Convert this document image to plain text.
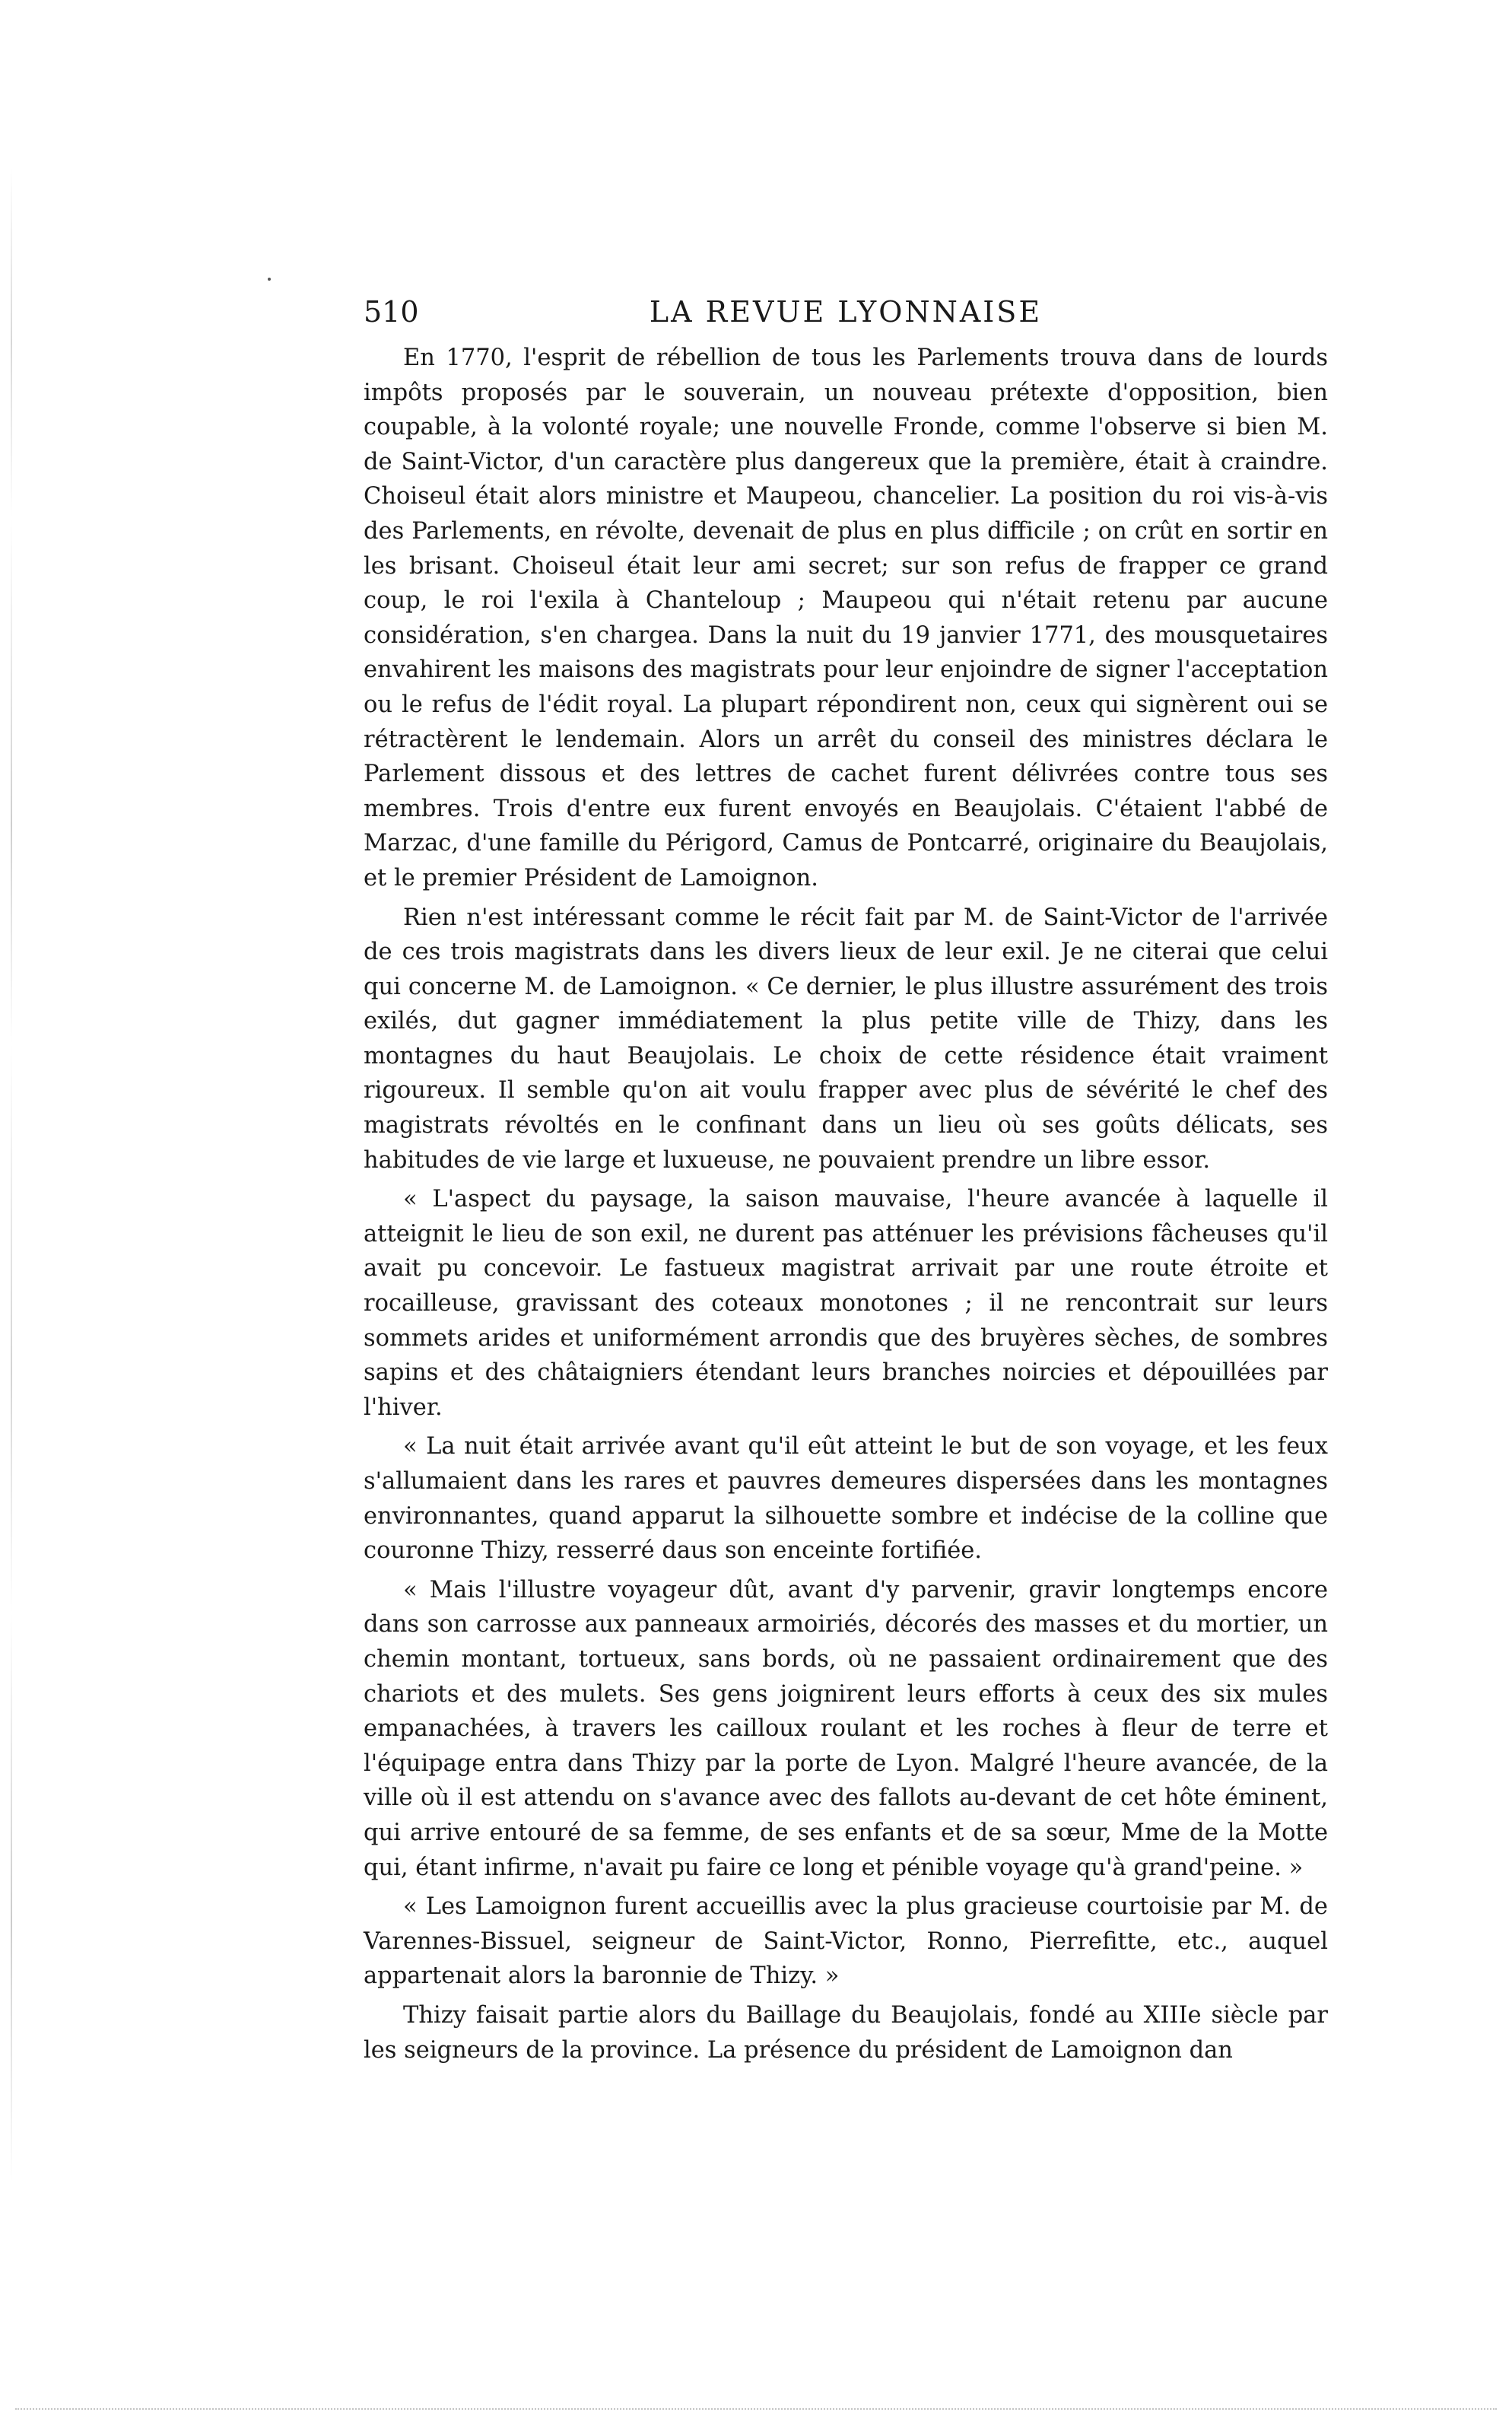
510	LA REVUE LYONNAISE

En 1770, l'esprit de rébellion de tous les Parlements trouva dans de lourds impôts proposés par le souverain, un nouveau prétexte d'opposition, bien coupable, à la volonté royale; une nouvelle Fronde, comme l'observe si bien M. de Saint-Victor, d'un caractère plus dangereux que la première, était à craindre. Choiseul était alors ministre et Maupeou, chancelier. La position du roi vis-à-vis des Parlements, en révolte, devenait de plus en plus difficile ; on crût en sortir en les brisant. Choiseul était leur ami secret; sur son refus de frapper ce grand coup, le roi l'exila à Chanteloup ; Maupeou qui n'était retenu par aucune considération, s'en chargea. Dans la nuit du 19 janvier 1771, des mousquetaires envahirent les maisons des magistrats pour leur enjoindre de signer l'acceptation ou le refus de l'édit royal. La plupart répondirent non, ceux qui signèrent oui se rétractèrent le lendemain. Alors un arrêt du conseil des ministres déclara le Parlement dissous et des lettres de cachet furent délivrées contre tous ses membres. Trois d'entre eux furent envoyés en Beaujolais. C'étaient l'abbé de Marzac, d'une famille du Périgord, Camus de Pontcarré, originaire du Beaujolais, et le premier Président de Lamoignon.

Rien n'est intéressant comme le récit fait par M. de Saint-Victor de l'arrivée de ces trois magistrats dans les divers lieux de leur exil. Je ne citerai que celui qui concerne M. de Lamoignon. « Ce dernier, le plus illustre assurément des trois exilés, dut gagner immédiatement la plus petite ville de Thizy, dans les montagnes du haut Beaujolais. Le choix de cette résidence était vraiment rigoureux. Il semble qu'on ait voulu frapper avec plus de sévérité le chef des magistrats révoltés en le confinant dans un lieu où ses goûts délicats, ses habitudes de vie large et luxueuse, ne pouvaient prendre un libre essor.

« L'aspect du paysage, la saison mauvaise, l'heure avancée à laquelle il atteignit le lieu de son exil, ne durent pas atténuer les prévisions fâcheuses qu'il avait pu concevoir. Le fastueux magistrat arrivait par une route étroite et rocailleuse, gravissant des coteaux monotones ; il ne rencontrait sur leurs sommets arides et uniformément arrondis que des bruyères sèches, de sombres sapins et des châtaigniers étendant leurs branches noircies et dépouillées par l'hiver.

« La nuit était arrivée avant qu'il eût atteint le but de son voyage, et les feux s'allumaient dans les rares et pauvres demeures dispersées dans les montagnes environnantes, quand apparut la silhouette sombre et indécise de la colline que couronne Thizy, resserré daus son enceinte fortifiée.

« Mais l'illustre voyageur dût, avant d'y parvenir, gravir longtemps encore dans son carrosse aux panneaux armoiriés, décorés des masses et du mortier, un chemin montant, tortueux, sans bords, où ne passaient ordinairement que des chariots et des mulets. Ses gens joignirent leurs efforts à ceux des six mules empanachées, à travers les cailloux roulant et les roches à fleur de terre et l'équipage entra dans Thizy par la porte de Lyon. Malgré l'heure avancée, de la ville où il est attendu on s'avance avec des fallots au-devant de cet hôte éminent, qui arrive entouré de sa femme, de ses enfants et de sa sœur, Mme de la Motte qui, étant infirme, n'avait pu faire ce long et pénible voyage qu'à grand'peine. »

« Les Lamoignon furent accueillis avec la plus gracieuse courtoisie par M. de Varennes-Bissuel, seigneur de Saint-Victor, Ronno, Pierrefitte, etc., auquel appartenait alors la baronnie de Thizy. »

Thizy faisait partie alors du Baillage du Beaujolais, fondé au XIIIe siècle par les seigneurs de la province. La présence du président de Lamoignon dan
